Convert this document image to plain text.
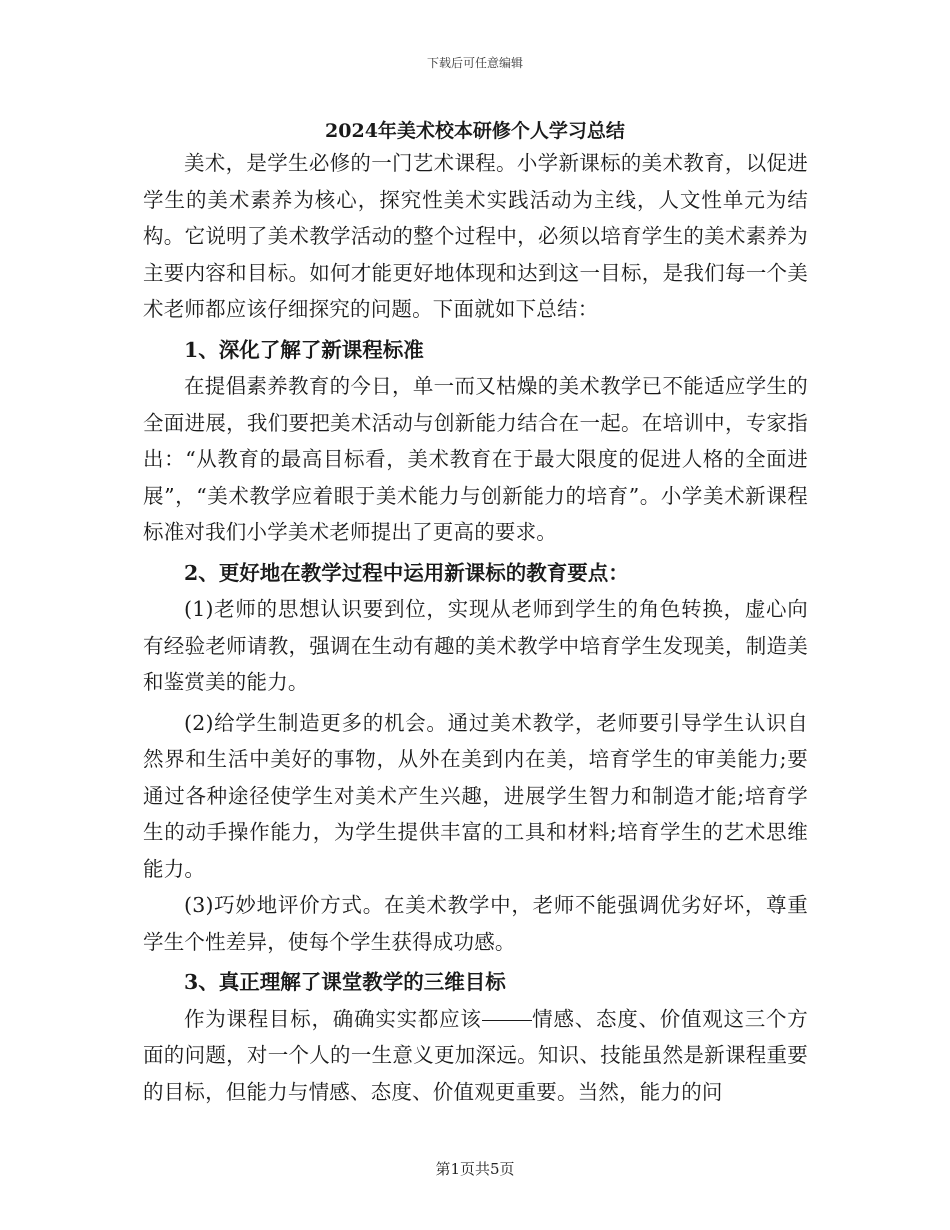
下载后可任意编辑
2024年美术校本研修个人学习总结

美术，是学生必修的一门艺术课程。小学新课标的美术教育，以促进学生的美术素养为核心，探究性美术实践活动为主线，人文性单元为结构。它说明了美术教学活动的整个过程中，必须以培育学生的美术素养为主要内容和目标。如何才能更好地体现和达到这一目标，是我们每一个美术老师都应该仔细探究的问题。下面就如下总结：

1、深化了解了新课程标准

在提倡素养教育的今日，单一而又枯燥的美术教学已不能适应学生的全面进展，我们要把美术活动与创新能力结合在一起。在培训中，专家指出：“从教育的最高目标看，美术教育在于最大限度的促进人格的全面进展”，“美术教学应着眼于美术能力与创新能力的培育”。小学美术新课程标准对我们小学美术老师提出了更高的要求。

2、更好地在教学过程中运用新课标的教育要点：

(1)老师的思想认识要到位，实现从老师到学生的角色转换，虚心向有经验老师请教，强调在生动有趣的美术教学中培育学生发现美，制造美和鉴赏美的能力。

(2)给学生制造更多的机会。通过美术教学，老师要引导学生认识自然界和生活中美好的事物，从外在美到内在美，培育学生的审美能力;要通过各种途径使学生对美术产生兴趣，进展学生智力和制造才能;培育学生的动手操作能力，为学生提供丰富的工具和材料;培育学生的艺术思维能力。

(3)巧妙地评价方式。在美术教学中，老师不能强调优劣好坏，尊重学生个性差异，使每个学生获得成功感。

3、真正理解了课堂教学的三维目标

作为课程目标，确确实实都应该 情感、态度、价值观这三个方面的问题，对一个人的一生意义更加深远。知识、技能虽然是新课程重要的目标，但能力与情感、态度、价值观更重要。当然，能力的问

第1页共5页
